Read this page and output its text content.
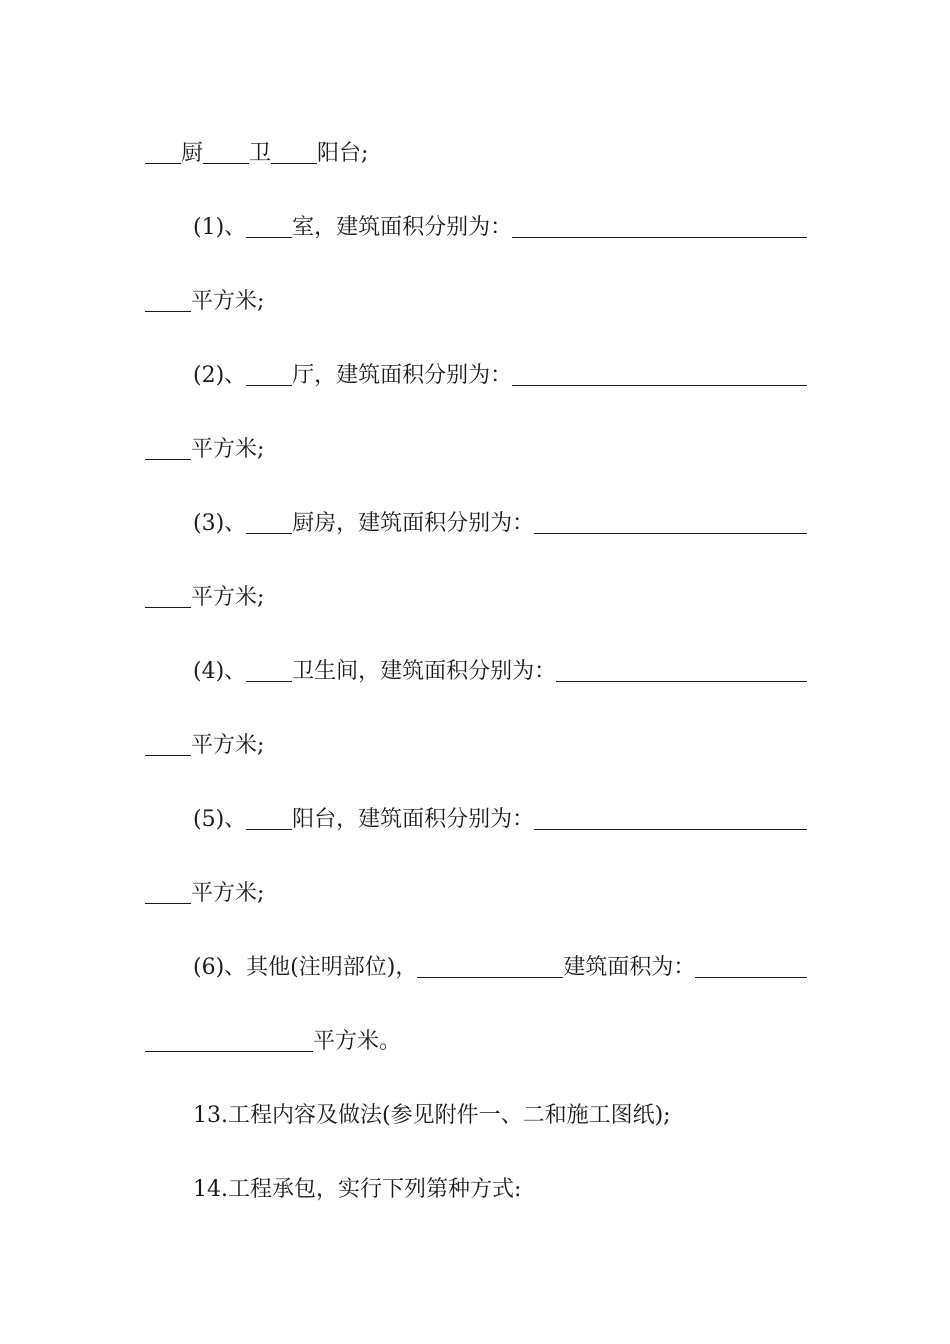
厨 卫 阳台;
(1)、 室，建筑面积分别为：
平方米;
(2)、 厅，建筑面积分别为：
平方米;
(3)、 厨房，建筑面积分别为：
平方米;
(4)、 卫生间，建筑面积分别为：
平方米;
(5)、 阳台，建筑面积分别为：
平方米;
(6)、 其他(注明部位)，	建筑面积为：
平方米。
13.工程内容及做法(参见附件一、二和施工图纸);
14.工程承包，实行下列第种方式:
